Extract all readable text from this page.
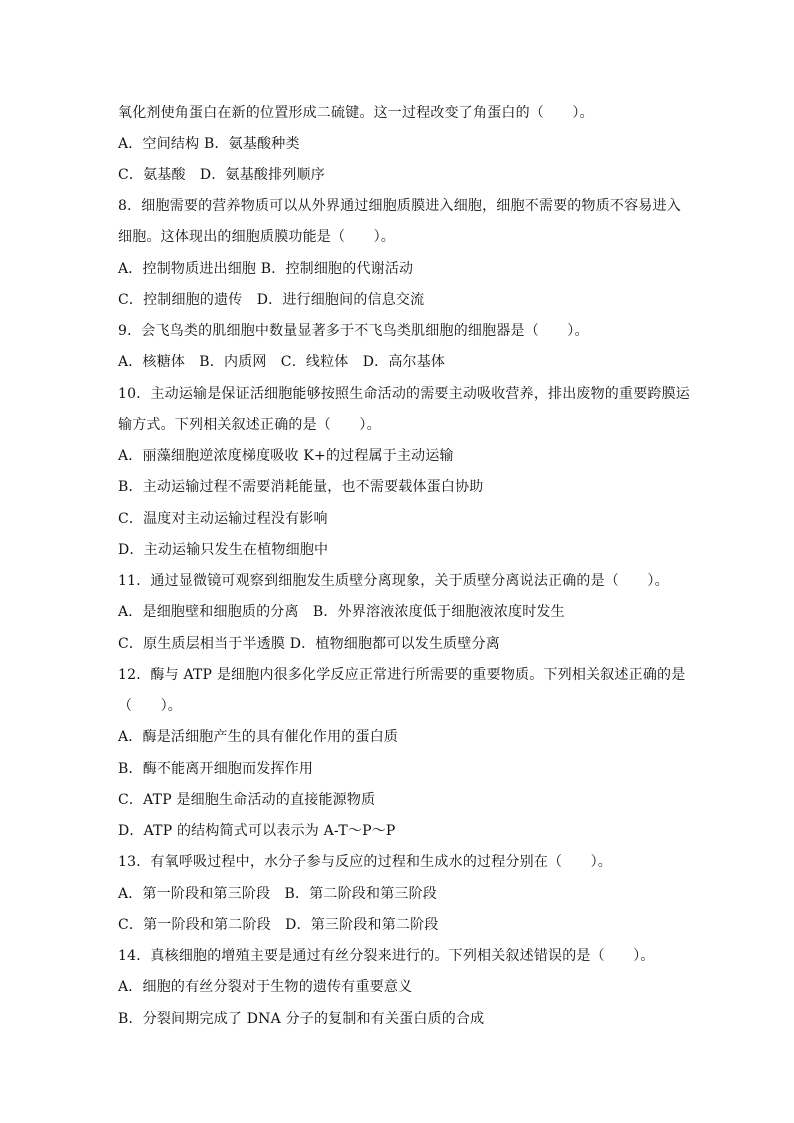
氧化剂使角蛋白在新的位置形成二硫键。这一过程改变了角蛋白的（　　）。
A．空间结构 B．氨基酸种类
C．氨基酸　D．氨基酸排列顺序
8．细胞需要的营养物质可以从外界通过细胞质膜进入细胞，细胞不需要的物质不容易进入
细胞。这体现出的细胞质膜功能是（　　）。
A．控制物质进出细胞 B．控制细胞的代谢活动
C．控制细胞的遗传　D．进行细胞间的信息交流
9．会飞鸟类的肌细胞中数量显著多于不飞鸟类肌细胞的细胞器是（　　）。
A．核糖体　B．内质网　C．线粒体　D．高尔基体
10．主动运输是保证活细胞能够按照生命活动的需要主动吸收营养，排出废物的重要跨膜运
输方式。下列相关叙述正确的是（　　）。
A．丽藻细胞逆浓度梯度吸收 K+的过程属于主动运输
B．主动运输过程不需要消耗能量，也不需要载体蛋白协助
C．温度对主动运输过程没有影响
D．主动运输只发生在植物细胞中
11．通过显微镜可观察到细胞发生质壁分离现象，关于质壁分离说法正确的是（　　）。
A．是细胞壁和细胞质的分离　B．外界溶液浓度低于细胞液浓度时发生
C．原生质层相当于半透膜 D．植物细胞都可以发生质壁分离
12．酶与 ATP 是细胞内很多化学反应正常进行所需要的重要物质。下列相关叙述正确的是
（　　）。
A．酶是活细胞产生的具有催化作用的蛋白质
B．酶不能离开细胞而发挥作用
C．ATP 是细胞生命活动的直接能源物质
D．ATP 的结构简式可以表示为 A-T～P～P
13．有氧呼吸过程中，水分子参与反应的过程和生成水的过程分别在（　　）。
A．第一阶段和第三阶段　B．第二阶段和第三阶段
C．第一阶段和第二阶段　D．第三阶段和第二阶段
14．真核细胞的增殖主要是通过有丝分裂来进行的。下列相关叙述错误的是（　　）。
A．细胞的有丝分裂对于生物的遗传有重要意义
B．分裂间期完成了 DNA 分子的复制和有关蛋白质的合成
